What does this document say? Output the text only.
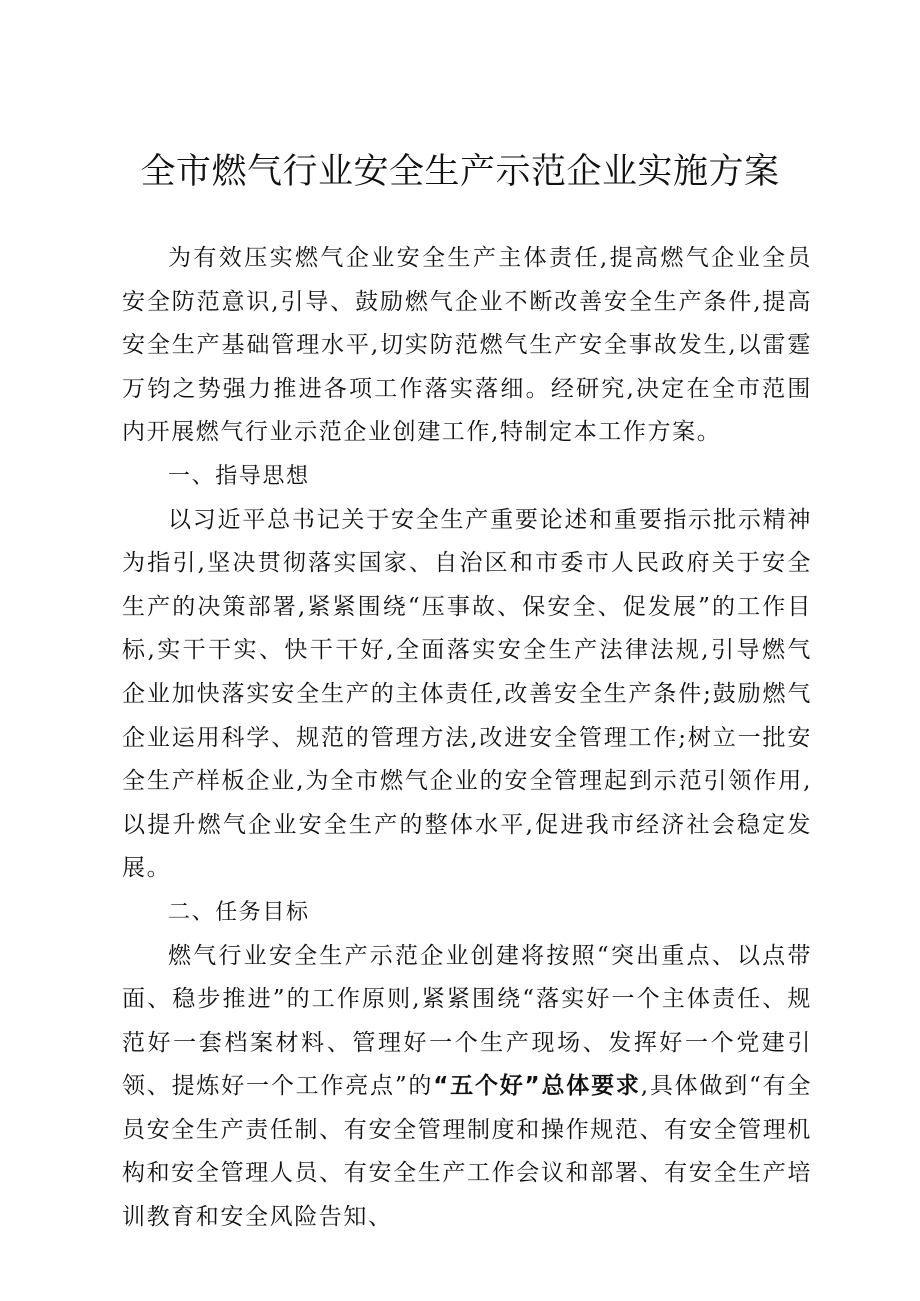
全市燃气行业安全生产示范企业实施方案

为有效压实燃气企业安全生产主体责任,提高燃气企业全员安全防范意识,引导、鼓励燃气企业不断改善安全生产条件,提高安全生产基础管理水平,切实防范燃气生产安全事故发生,以雷霆万钧之势强力推进各项工作落实落细。经研究,决定在全市范围内开展燃气行业示范企业创建工作,特制定本工作方案。

一、指导思想

以习近平总书记关于安全生产重要论述和重要指示批示精神为指引,坚决贯彻落实国家、自治区和市委市人民政府关于安全生产的决策部署,紧紧围绕“压事故、保安全、促发展”的工作目标,实干干实、快干干好,全面落实安全生产法律法规,引导燃气企业加快落实安全生产的主体责任,改善安全生产条件;鼓励燃气企业运用科学、规范的管理方法,改进安全管理工作;树立一批安全生产样板企业,为全市燃气企业的安全管理起到示范引领作用,以提升燃气企业安全生产的整体水平,促进我市经济社会稳定发展。

二、任务目标

燃气行业安全生产示范企业创建将按照“突出重点、以点带面、稳步推进”的工作原则,紧紧围绕“落实好一个主体责任、规范好一套档案材料、管理好一个生产现场、发挥好一个党建引领、提炼好一个工作亮点”的“五个好”总体要求,具体做到“有全员安全生产责任制、有安全管理制度和操作规范、有安全管理机构和安全管理人员、有安全生产工作会议和部署、有安全生产培训教育和安全风险告知、
